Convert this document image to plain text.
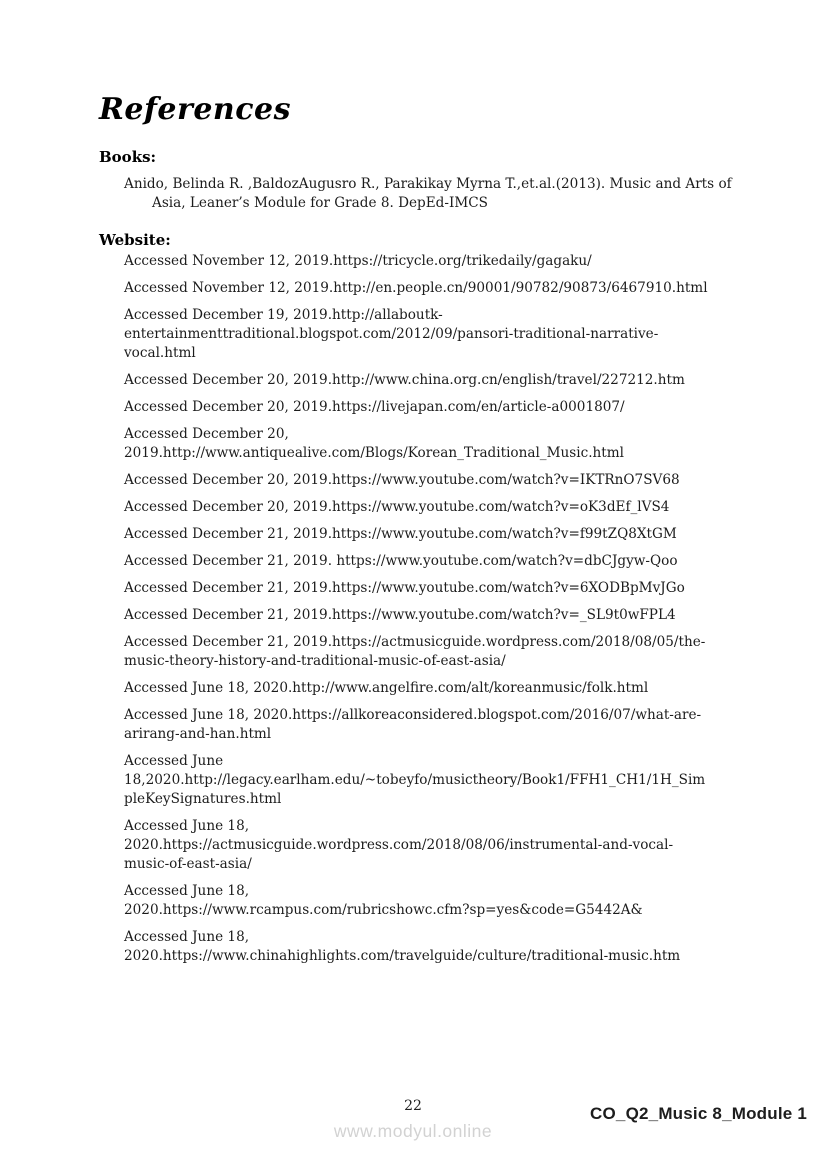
References
Books:
Anido, Belinda R. ,BaldozAugusro R., Parakikay Myrna T.,et.al.(2013). Music and Arts of
Asia, Leaner’s Module for Grade 8. DepEd-IMCS
Website:
Accessed November 12, 2019.https://tricycle.org/trikedaily/gagaku/
Accessed November 12, 2019.http://en.people.cn/90001/90782/90873/6467910.html
Accessed December 19, 2019.http://allaboutk-
entertainmenttraditional.blogspot.com/2012/09/pansori-traditional-narrative-
vocal.html
Accessed December 20, 2019.http://www.china.org.cn/english/travel/227212.htm
Accessed December 20, 2019.https://livejapan.com/en/article-a0001807/
Accessed December 20,
2019.http://www.antiquealive.com/Blogs/Korean_Traditional_Music.html
Accessed December 20, 2019.https://www.youtube.com/watch?v=IKTRnO7SV68
Accessed December 20, 2019.https://www.youtube.com/watch?v=oK3dEf_lVS4
Accessed December 21, 2019.https://www.youtube.com/watch?v=f99tZQ8XtGM
Accessed December 21, 2019. https://www.youtube.com/watch?v=dbCJgyw-Qoo
Accessed December 21, 2019.https://www.youtube.com/watch?v=6XODBpMvJGo
Accessed December 21, 2019.https://www.youtube.com/watch?v=_SL9t0wFPL4
Accessed December 21, 2019.https://actmusicguide.wordpress.com/2018/08/05/the-
music-theory-history-and-traditional-music-of-east-asia/
Accessed June 18, 2020.http://www.angelfire.com/alt/koreanmusic/folk.html
Accessed June 18, 2020.https://allkoreaconsidered.blogspot.com/2016/07/what-are-
arirang-and-han.html
Accessed June
18,2020.http://legacy.earlham.edu/~tobeyfo/musictheory/Book1/FFH1_CH1/1H_Sim
pleKeySignatures.html
Accessed June 18,
2020.https://actmusicguide.wordpress.com/2018/08/06/instrumental-and-vocal-
music-of-east-asia/
Accessed June 18,
2020.https://www.rcampus.com/rubricshowc.cfm?sp=yes&code=G5442A&
Accessed June 18,
2020.https://www.chinahighlights.com/travelguide/culture/traditional-music.htm
22
www.modyul.online
CO_Q2_Music 8_Module 1
